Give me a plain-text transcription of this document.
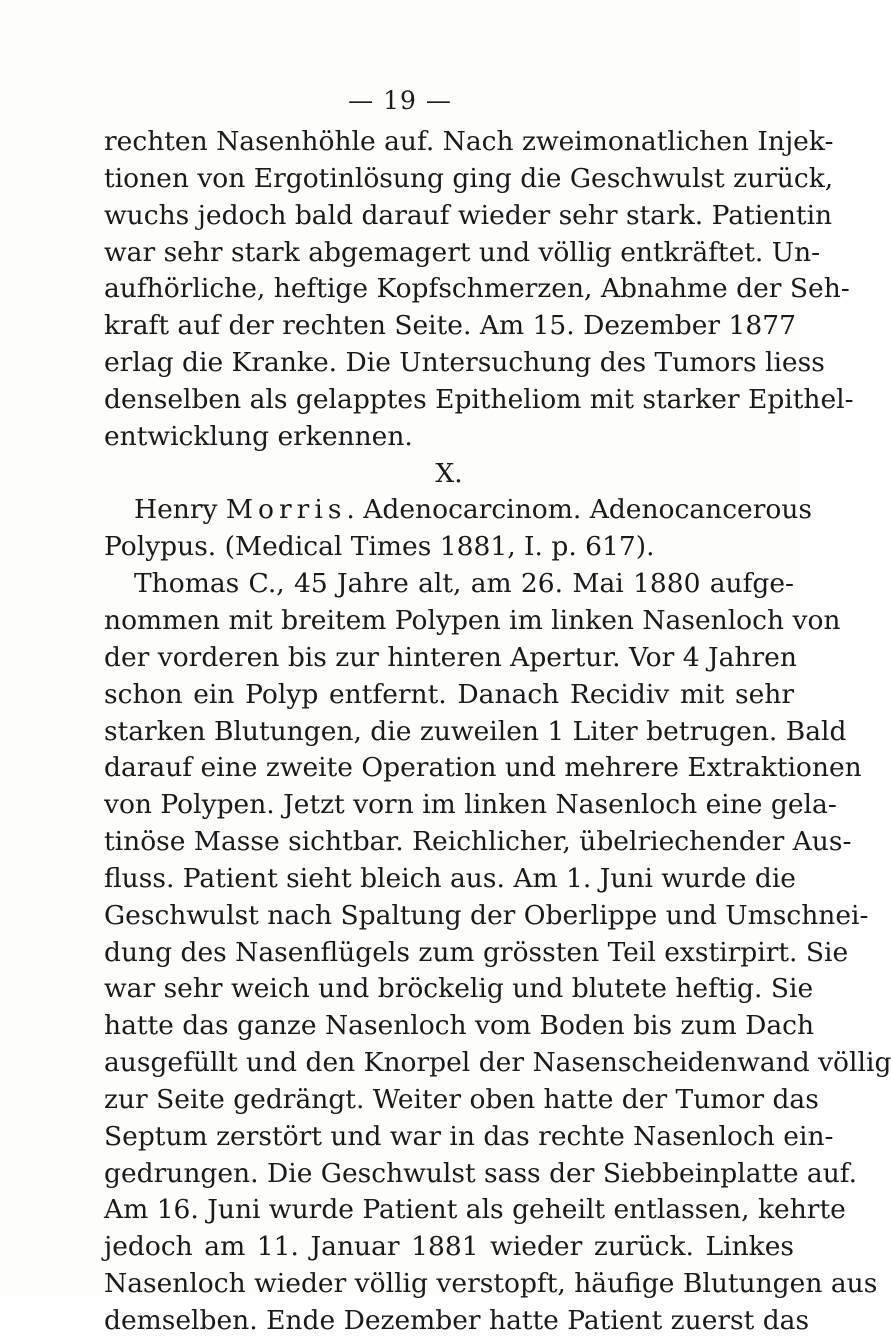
— 19 —
rechten Nasenhöhle auf. Nach zweimonatlichen Injek-
tionen von Ergotinlösung ging die Geschwulst zurück,
wuchs jedoch bald darauf wieder sehr stark. Patientin
war sehr stark abgemagert und völlig entkräftet. Un-
aufhörliche, heftige Kopfschmerzen, Abnahme der Seh-
kraft auf der rechten Seite. Am 15. Dezember 1877
erlag die Kranke. Die Untersuchung des Tumors liess
denselben als gelapptes Epitheliom mit starker Epithel-
entwicklung erkennen.
X.
Henry Morris. Adenocarcinom. Adenocancerous
Polypus. (Medical Times 1881, I. p. 617).
Thomas C., 45 Jahre alt, am 26. Mai 1880 aufge-
nommen mit breitem Polypen im linken Nasenloch von
der vorderen bis zur hinteren Apertur. Vor 4 Jahren
schon ein Polyp entfernt. Danach Recidiv mit sehr
starken Blutungen, die zuweilen 1 Liter betrugen. Bald
darauf eine zweite Operation und mehrere Extraktionen
von Polypen. Jetzt vorn im linken Nasenloch eine gela-
tinöse Masse sichtbar. Reichlicher, übelriechender Aus-
fluss. Patient sieht bleich aus. Am 1. Juni wurde die
Geschwulst nach Spaltung der Oberlippe und Umschnei-
dung des Nasenflügels zum grössten Teil exstirpirt. Sie
war sehr weich und bröckelig und blutete heftig. Sie
hatte das ganze Nasenloch vom Boden bis zum Dach
ausgefüllt und den Knorpel der Nasenscheidenwand völlig
zur Seite gedrängt. Weiter oben hatte der Tumor das
Septum zerstört und war in das rechte Nasenloch ein-
gedrungen. Die Geschwulst sass der Siebbeinplatte auf.
Am 16. Juni wurde Patient als geheilt entlassen, kehrte
jedoch am 11. Januar 1881 wieder zurück. Linkes
Nasenloch wieder völlig verstopft, häufige Blutungen aus
demselben. Ende Dezember hatte Patient zuerst das
